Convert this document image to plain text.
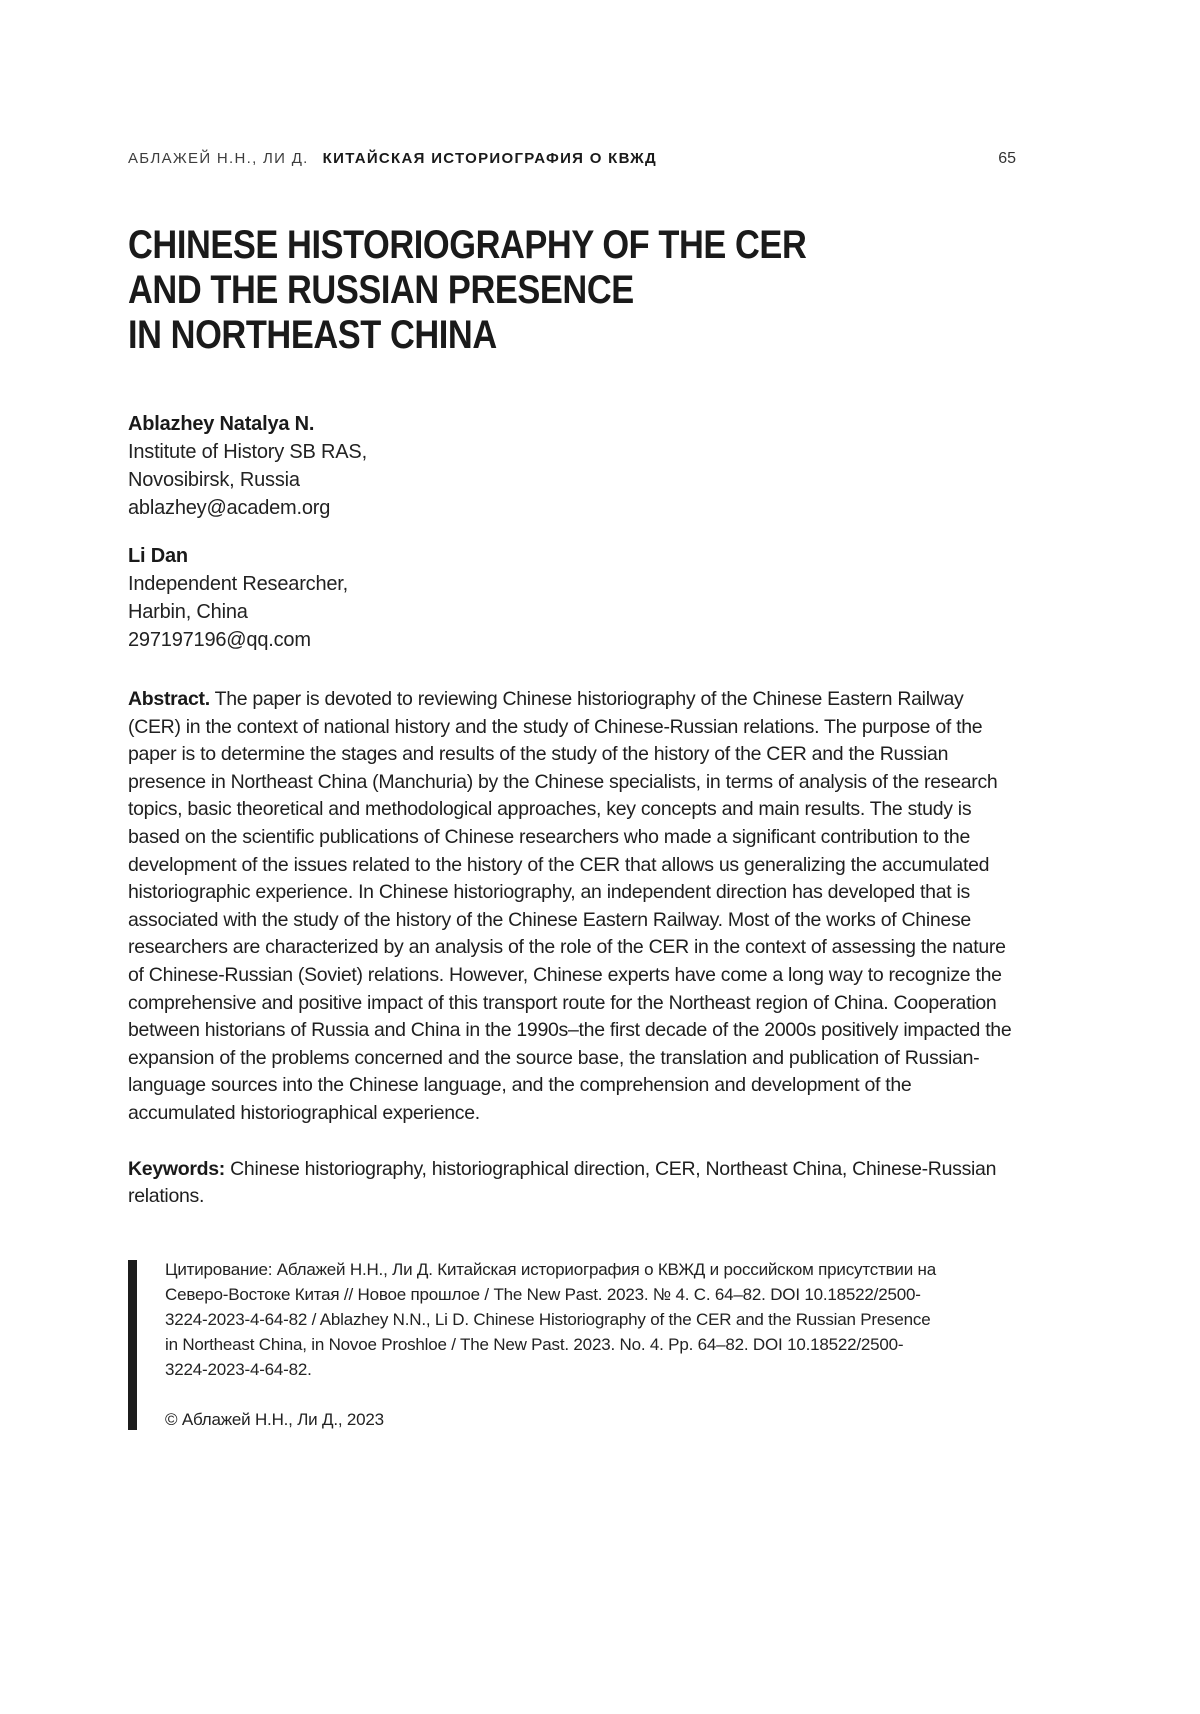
АБЛАЖЕЙ Н.Н., ЛИ Д. КИТАЙСКАЯ ИСТОРИОГРАФИЯ О КВЖД	65
CHINESE HISTORIOGRAPHY OF THE CER
AND THE RUSSIAN PRESENCE
IN NORTHEAST CHINA
Ablazhey Natalya N.
Institute of History SB RAS,
Novosibirsk, Russia
ablazhey@academ.org
Li Dan
Independent Researcher,
Harbin, China
297197196@qq.com

Abstract. The paper is devoted to reviewing Chinese historiography of the Chinese Eastern Railway (CER) in the context of national history and the study of Chinese-Russian relations. The purpose of the paper is to determine the stages and results of the study of the history of the CER and the Russian presence in Northeast China (Manchuria) by the Chinese specialists, in terms of analysis of the research topics, basic theoretical and methodological approaches, key concepts and main results. The study is based on the scientific publications of Chinese researchers who made a significant contribution to the development of the issues related to the history of the CER that allows us generalizing the accumulated historiographic experience. In Chinese historiography, an independent direction has developed that is associated with the study of the history of the Chinese Eastern Railway. Most of the works of Chinese researchers are characterized by an analysis of the role of the CER in the context of assessing the nature of Chinese-Russian (Soviet) relations. However, Chinese experts have come a long way to recognize the comprehensive and positive impact of this transport route for the Northeast region of China. Cooperation between historians of Russia and China in the 1990s–the first decade of the 2000s positively impacted the expansion of the problems concerned and the source base, the translation and publication of Russian-language sources into the Chinese language, and the comprehension and development of the accumulated historiographical experience.

Keywords: Chinese historiography, historiographical direction, CER, Northeast China, Chinese-Russian relations.

Цитирование: Аблажей Н.Н., Ли Д. Китайская историография о КВЖД и российском присутствии на Северо-Востоке Китая // Новое прошлое / The New Past. 2023. № 4. С. 64–82. DOI 10.18522/2500-3224-2023-4-64-82 / Ablazhey N.N., Li D. Chinese Historiography of the CER and the Russian Presence in Northeast China, in Novoe Proshloe / The New Past. 2023. No. 4. Pp. 64–82. DOI 10.18522/2500-3224-2023-4-64-82.
© Аблажей Н.Н., Ли Д., 2023
